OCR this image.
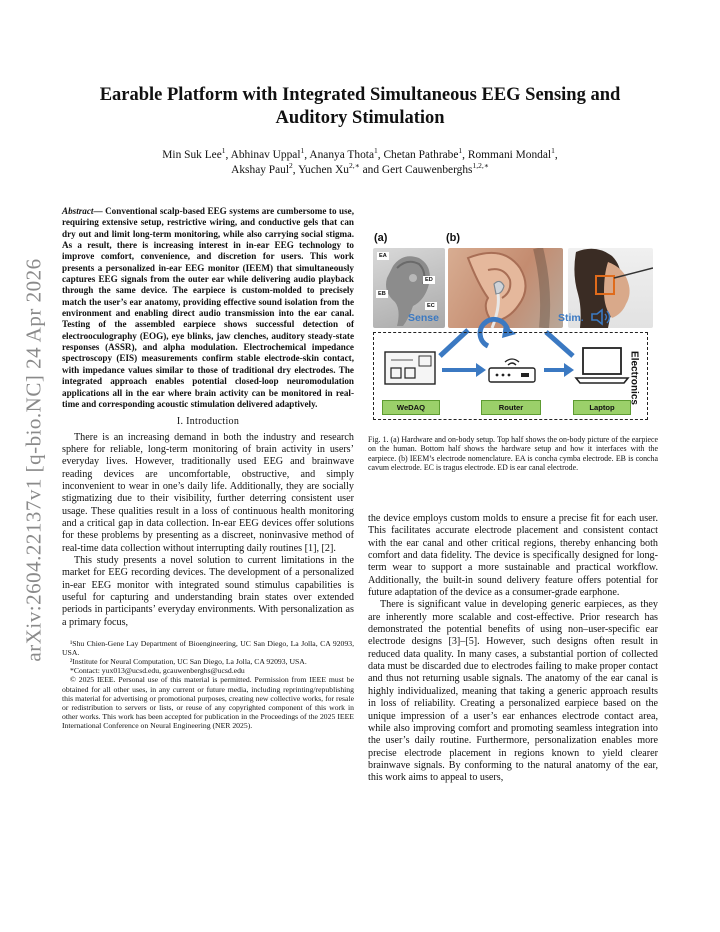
arXiv:2604.22137v1 [q-bio.NC] 24 Apr 2026
Earable Platform with Integrated Simultaneous EEG Sensing and
Auditory Stimulation
Min Suk Lee$^1$, Abhinav Uppal$^1$, Ananya Thota$^1$, Chetan Pathrabe$^1$, Rommani Mondal$^1$,
Akshay Paul$^2$, Yuchen $Xu^{2,∗}$ and Gert Cauwenberghs$^{1,2,∗}$

Abstract— Conventional scalp-based EEG systems are cumbersome to use, requiring extensive setup, restrictive wiring, and conductive gels that can dry out and limit long-term monitoring, while also carrying social stigma. As a result, there is increasing interest in in-ear EEG technology to improve comfort, convenience, and discretion for users. This work presents a personalized in-ear EEG monitor (IEEM) that simultaneously captures EEG signals from the outer ear while delivering audio playback through the same device. The earpiece is custom-molded to precisely match the user’s ear anatomy, providing effective sound isolation from the environment and enabling direct audio transmission into the ear canal. Testing of the assembled earpiece shows successful detection of electrooculography (EOG), eye blinks, jaw clenches, auditory steady-state responses (ASSR), and alpha modulation. Electrochemical impedance spectroscopy (EIS) measurements confirm stable electrode-skin contact, with impedance values similar to those of traditional dry electrodes. The integrated approach enables potential closed-loop neuromodulation applications all in the ear where brain activity can be monitored in real-time and corresponding acoustic stimulation delivered adaptively.

I. Introduction

There is an increasing demand in both the industry and research sphere for reliable, long-term monitoring of brain activity in users’ everyday lives. However, traditionally used EEG and brainwave reading devices are uncomfortable, obstructive, and simply inconvenient to wear in one’s daily life. Additionally, they are socially stigmatizing due to their visibility, further deterring consistent user usage. These qualities result in a loss of continuous health monitoring and a critical gap in data collection. In-ear EEG devices offer solutions for these problems by presenting as a discreet, noninvasive method of real-time data collection without interrupting daily routines [1], [2].

This study presents a novel solution to current limitations in the market for EEG recording devices. The development of a personalized in-ear EEG monitor with integrated sound stimulus capabilities is useful for capturing and understanding brain states over extended periods in participants’ everyday environments. With personalization as a primary focus,

¹Shu Chien-Gene Lay Department of Bioengineering, UC San Diego, La Jolla, CA 92093, USA.

²Institute for Neural Computation, UC San Diego, La Jolla, CA 92093, USA.

*Contact: yux013@ucsd.edu, gcauwenberghs@ucsd.edu

© 2025 IEEE. Personal use of this material is permitted. Permission from IEEE must be obtained for all other uses, in any current or future media, including reprinting/republishing this material for advertising or promotional purposes, creating new collective works, for resale or redistribution to servers or lists, or reuse of any copyrighted component of this work in other works. This work has been accepted for publication in the Proceedings of the 2025 IEEE International Conference on Neural Engineering (NER 2025).

(a)	(b)
EA
ED
EB
EC
Sense	Stim.
WeDAQ	Router	Laptop
Electronics
Fig. 1. (a) Hardware and on-body setup. Top half shows the on-body picture of the earpiece on the human. Bottom half shows the hardware setup and how it interfaces with the earpiece. (b) IEEM’s electrode nomenclature. EA is concha cymba electrode. EB is concha cavum electrode. EC is tragus electrode. ED is ear canal electrode.

the device employs custom molds to ensure a precise fit for each user. This facilitates accurate electrode placement and consistent contact with the ear canal and other critical regions, thereby enhancing both comfort and data fidelity. The device is specifically designed for long-term wear to support a more sustainable and practical workflow. Additionally, the built-in sound delivery feature offers potential for future adaptation of the device as a consumer-grade earphone.

There is significant value in developing generic earpieces, as they are inherently more scalable and cost-effective. Prior research has demonstrated the potential benefits of using non–user-specific ear electrode designs [3]–[5]. However, such designs often result in reduced data quality. In many cases, a substantial portion of collected data must be discarded due to electrodes failing to make proper contact and thus not returning usable signals. The anatomy of the ear canal is highly individualized, meaning that taking a generic approach results in loss of reliability. Creating a personalized earpiece based on the unique impression of a user’s ear enhances electrode contact area, while also improving comfort and promoting seamless integration into the user’s daily routine. Furthermore, personalization enables more precise electrode placement in regions known to yield clearer brainwave signals. By conforming to the natural anatomy of the ear, this work aims to appeal to users,
